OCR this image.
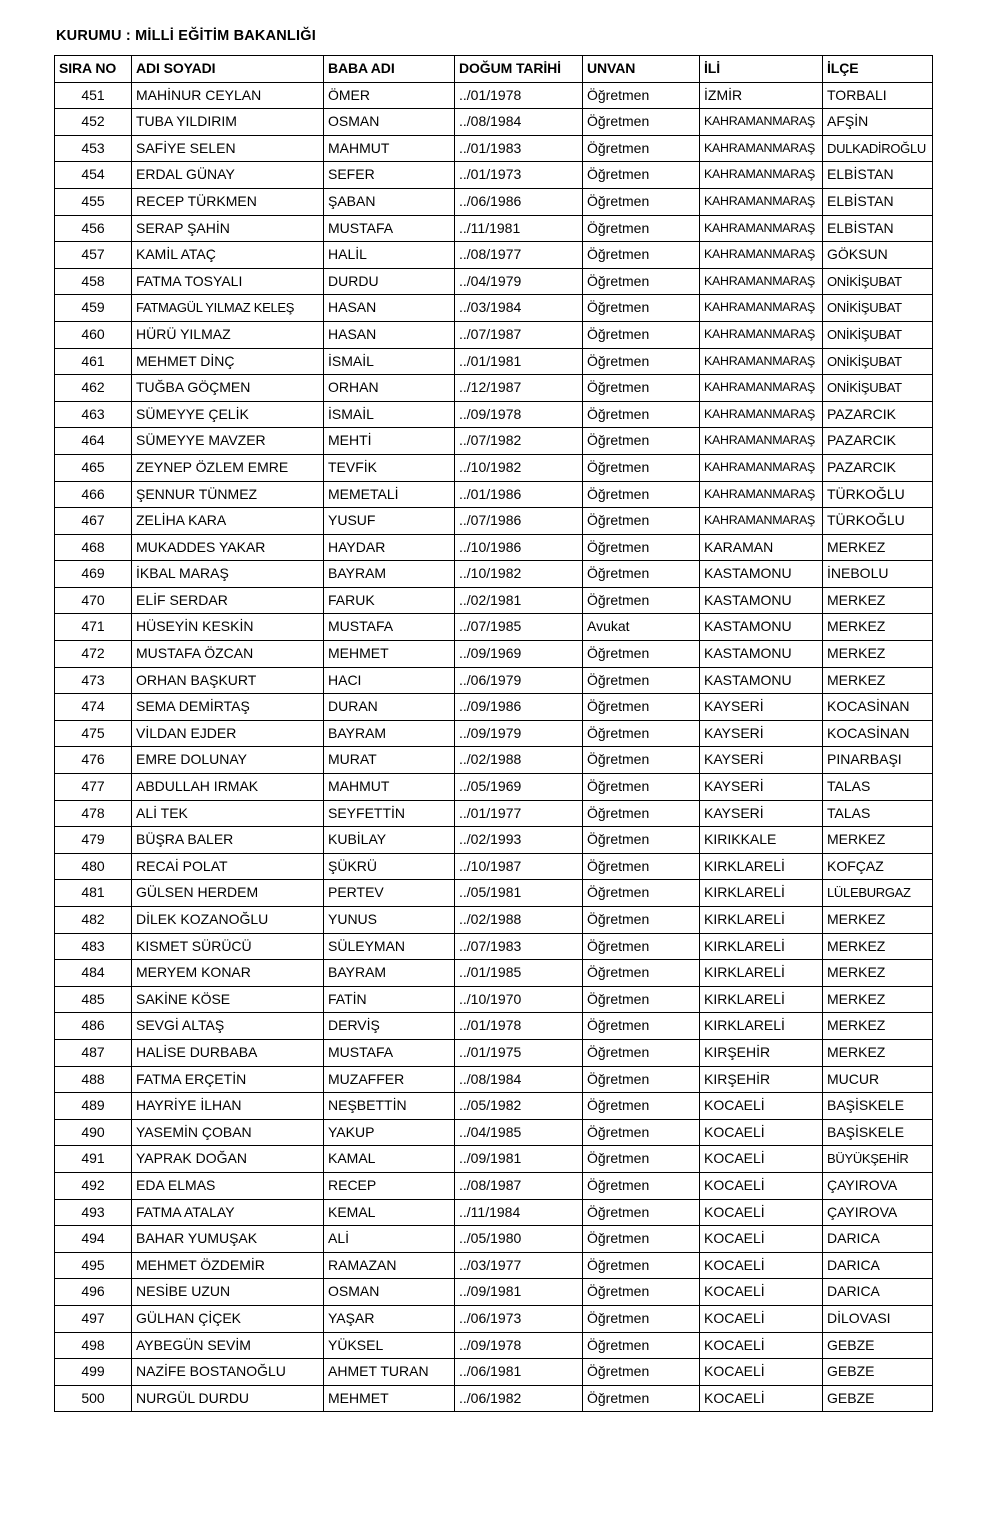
KURUMU : MİLLİ EĞİTİM BAKANLIĞI
SIRA NO	ADI SOYADI	BABA ADI	DOĞUM TARİHİ	UNVAN	İLİ	İLÇE
451	MAHİNUR CEYLAN	ÖMER	../01/1978	Öğretmen	İZMİR	TORBALI
452	TUBA YILDIRIM	OSMAN	../08/1984	Öğretmen	KAHRAMANMARAŞ	AFŞİN
453	SAFİYE SELEN	MAHMUT	../01/1983	Öğretmen	KAHRAMANMARAŞ	DULKADİROĞLU
454	ERDAL GÜNAY	SEFER	../01/1973	Öğretmen	KAHRAMANMARAŞ	ELBİSTAN
455	RECEP TÜRKMEN	ŞABAN	../06/1986	Öğretmen	KAHRAMANMARAŞ	ELBİSTAN
456	SERAP ŞAHİN	MUSTAFA	../11/1981	Öğretmen	KAHRAMANMARAŞ	ELBİSTAN
457	KAMİL ATAÇ	HALİL	../08/1977	Öğretmen	KAHRAMANMARAŞ	GÖKSUN
458	FATMA TOSYALI	DURDU	../04/1979	Öğretmen	KAHRAMANMARAŞ	ONİKİŞUBAT
459	FATMAGÜL YILMAZ KELEŞ	HASAN	../03/1984	Öğretmen	KAHRAMANMARAŞ	ONİKİŞUBAT
460	HÜRÜ YILMAZ	HASAN	../07/1987	Öğretmen	KAHRAMANMARAŞ	ONİKİŞUBAT
461	MEHMET DİNÇ	İSMAİL	../01/1981	Öğretmen	KAHRAMANMARAŞ	ONİKİŞUBAT
462	TUĞBA GÖÇMEN	ORHAN	../12/1987	Öğretmen	KAHRAMANMARAŞ	ONİKİŞUBAT
463	SÜMEYYE ÇELİK	İSMAİL	../09/1978	Öğretmen	KAHRAMANMARAŞ	PAZARCIK
464	SÜMEYYE MAVZER	MEHTİ	../07/1982	Öğretmen	KAHRAMANMARAŞ	PAZARCIK
465	ZEYNEP ÖZLEM EMRE	TEVFİK	../10/1982	Öğretmen	KAHRAMANMARAŞ	PAZARCIK
466	ŞENNUR TÜNMEZ	MEMETALİ	../01/1986	Öğretmen	KAHRAMANMARAŞ	TÜRKOĞLU
467	ZELİHA KARA	YUSUF	../07/1986	Öğretmen	KAHRAMANMARAŞ	TÜRKOĞLU
468	MUKADDES YAKAR	HAYDAR	../10/1986	Öğretmen	KARAMAN	MERKEZ
469	İKBAL MARAŞ	BAYRAM	../10/1982	Öğretmen	KASTAMONU	İNEBOLU
470	ELİF SERDAR	FARUK	../02/1981	Öğretmen	KASTAMONU	MERKEZ
471	HÜSEYİN KESKİN	MUSTAFA	../07/1985	Avukat	KASTAMONU	MERKEZ
472	MUSTAFA ÖZCAN	MEHMET	../09/1969	Öğretmen	KASTAMONU	MERKEZ
473	ORHAN BAŞKURT	HACI	../06/1979	Öğretmen	KASTAMONU	MERKEZ
474	SEMA DEMİRTAŞ	DURAN	../09/1986	Öğretmen	KAYSERİ	KOCASİNAN
475	VİLDAN EJDER	BAYRAM	../09/1979	Öğretmen	KAYSERİ	KOCASİNAN
476	EMRE DOLUNAY	MURAT	../02/1988	Öğretmen	KAYSERİ	PINARBAŞI
477	ABDULLAH IRMAK	MAHMUT	../05/1969	Öğretmen	KAYSERİ	TALAS
478	ALİ TEK	SEYFETTİN	../01/1977	Öğretmen	KAYSERİ	TALAS
479	BÜŞRA BALER	KUBİLAY	../02/1993	Öğretmen	KIRIKKALE	MERKEZ
480	RECAİ POLAT	ŞÜKRÜ	../10/1987	Öğretmen	KIRKLARELİ	KOFÇAZ
481	GÜLSEN HERDEM	PERTEV	../05/1981	Öğretmen	KIRKLARELİ	LÜLEBURGAZ
482	DİLEK KOZANOĞLU	YUNUS	../02/1988	Öğretmen	KIRKLARELİ	MERKEZ
483	KISMET SÜRÜCÜ	SÜLEYMAN	../07/1983	Öğretmen	KIRKLARELİ	MERKEZ
484	MERYEM KONAR	BAYRAM	../01/1985	Öğretmen	KIRKLARELİ	MERKEZ
485	SAKİNE KÖSE	FATİN	../10/1970	Öğretmen	KIRKLARELİ	MERKEZ
486	SEVGİ ALTAŞ	DERVİŞ	../01/1978	Öğretmen	KIRKLARELİ	MERKEZ
487	HALİSE DURBABA	MUSTAFA	../01/1975	Öğretmen	KIRŞEHİR	MERKEZ
488	FATMA ERÇETİN	MUZAFFER	../08/1984	Öğretmen	KIRŞEHİR	MUCUR
489	HAYRİYE İLHAN	NEŞBETTİN	../05/1982	Öğretmen	KOCAELİ	BAŞİSKELE
490	YASEMİN ÇOBAN	YAKUP	../04/1985	Öğretmen	KOCAELİ	BAŞİSKELE
491	YAPRAK DOĞAN	KAMAL	../09/1981	Öğretmen	KOCAELİ	BÜYÜKŞEHİR
492	EDA ELMAS	RECEP	../08/1987	Öğretmen	KOCAELİ	ÇAYIROVA
493	FATMA ATALAY	KEMAL	../11/1984	Öğretmen	KOCAELİ	ÇAYIROVA
494	BAHAR YUMUŞAK	ALİ	../05/1980	Öğretmen	KOCAELİ	DARICA
495	MEHMET ÖZDEMİR	RAMAZAN	../03/1977	Öğretmen	KOCAELİ	DARICA
496	NESİBE UZUN	OSMAN	../09/1981	Öğretmen	KOCAELİ	DARICA
497	GÜLHAN ÇİÇEK	YAŞAR	../06/1973	Öğretmen	KOCAELİ	DİLOVASI
498	AYBEGÜN SEVİM	YÜKSEL	../09/1978	Öğretmen	KOCAELİ	GEBZE
499	NAZİFE BOSTANOĞLU	AHMET TURAN	../06/1981	Öğretmen	KOCAELİ	GEBZE
500	NURGÜL DURDU	MEHMET	../06/1982	Öğretmen	KOCAELİ	GEBZE
